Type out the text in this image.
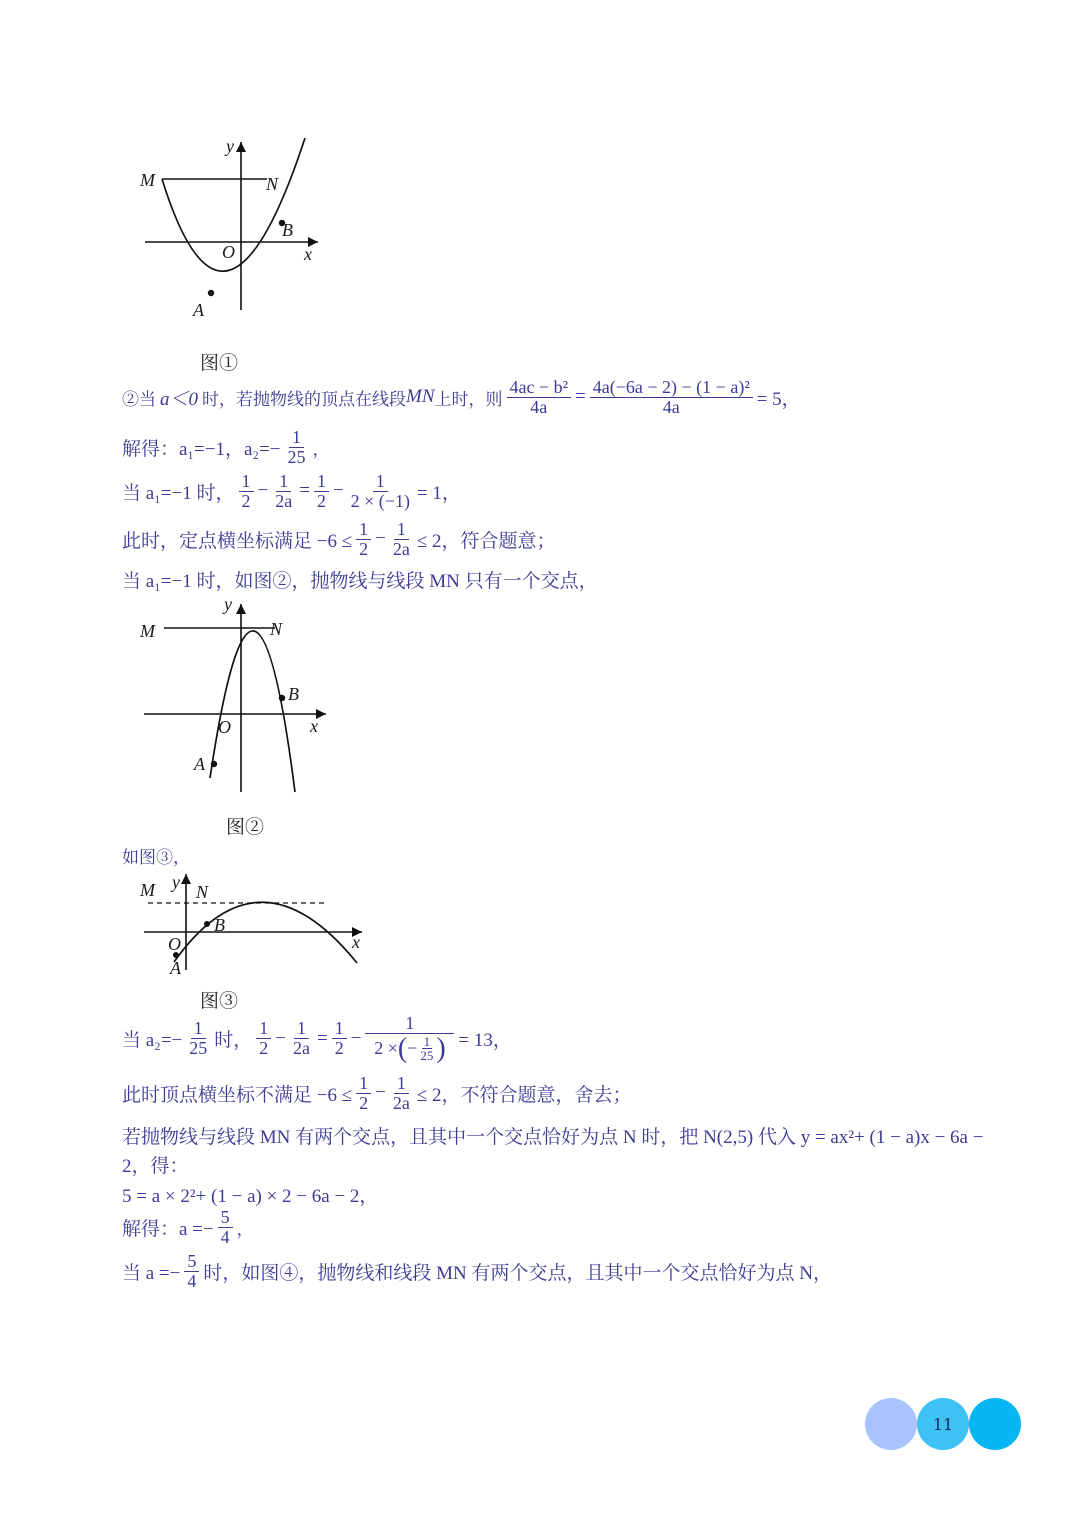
y
x
O
M	N
A
B
图①
②当 a＜0 时，若抛物线的顶点在线段 MN 上时，则 $\frac{\text{4ac − b²}}{4a} = \frac{\text{4a(−6a − 2) − (1 − a)²}}{4a} = 5$，
解得：a₁=−1，$a_2=- \frac{1}{25}$ ，
当 a₁=−1 时， $\frac{1}{2} - \frac{1}{2a} = \frac{1}{2} - \frac{1}{2 \times (-1)} = 1$，
此时，定点横坐标满足 $-6 \le \frac{1}{2} - \frac{1}{2a} \le 2$，符合题意；
当 a₁=−1 时，如图②，抛物线与线段 MN 只有一个交点，
y
x
O
M	N
A
B
图②
如图③，
y
x
O
M N
A
B
图③
当 $a_2=- \frac{1}{25}$ 时， $\frac{1}{2} - \frac{1}{2a} = \frac{1}{2} - \frac{1}{2 \times ( - \frac{1}{25} )} = 13$，
此时顶点横坐标不满足 $-6 \le \frac{1}{2} - \frac{1}{2a} \le 2$，不符合题意，舍去；
若抛物线与线段 MN 有两个交点，且其中一个交点恰好为点 N 时，把 N(2,5) 代入 y = ax²+ (1 − a)x − 6a −
2，得：
5 = a × 2²+ (1 − a) × 2 − 6a − 2，
解得：$a =- \frac{5}{4}$ ，
当 $a =- \frac{5}{4}$ 时，如图④，抛物线和线段 MN 有两个交点，且其中一个交点恰好为点 N，
11
